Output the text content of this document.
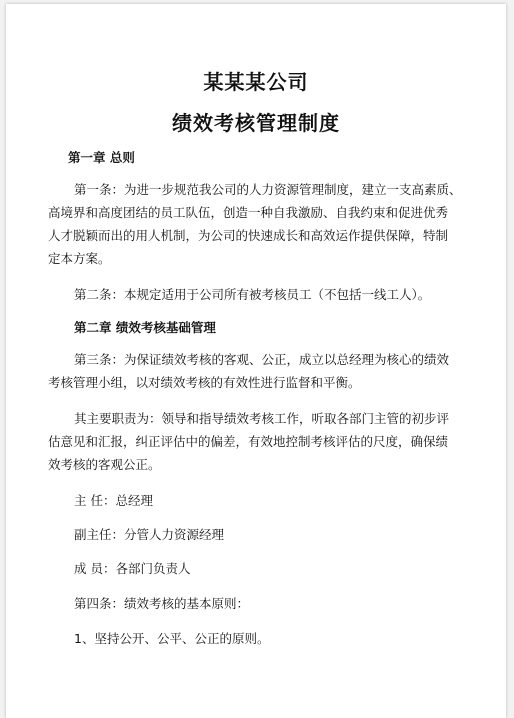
某某某公司
绩效考核管理制度
第一章 总则
第一条：为进一步规范我公司的人力资源管理制度，建立一支高素质、
高境界和高度团结的员工队伍，创造一种自我激励、自我约束和促进优秀
人才脱颖而出的用人机制，为公司的快速成长和高效运作提供保障，特制
定本方案。
第二条：本规定适用于公司所有被考核员工（不包括一线工人）。
第二章 绩效考核基础管理
第三条：为保证绩效考核的客观、公正，成立以总经理为核心的绩效
考核管理小组，以对绩效考核的有效性进行监督和平衡。
其主要职责为：领导和指导绩效考核工作，听取各部门主管的初步评
估意见和汇报，纠正评估中的偏差，有效地控制考核评估的尺度，确保绩
效考核的客观公正。
主 任：总经理
副主任：分管人力资源经理
成 员：各部门负责人
第四条：绩效考核的基本原则：
1、坚持公开、公平、公正的原则。
